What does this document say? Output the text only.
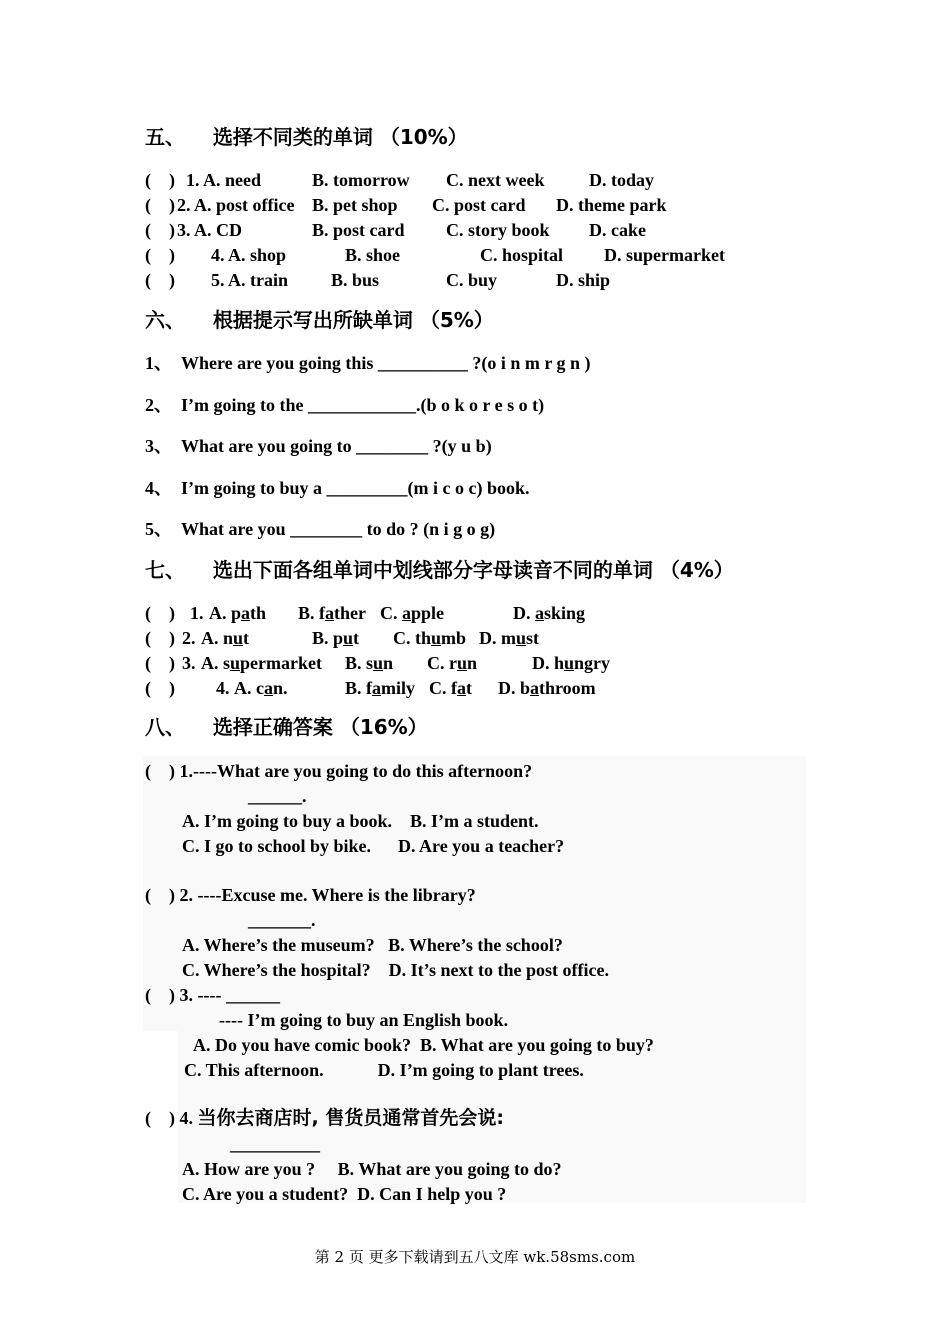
五、    选择不同类的单词 （10%）
(    ) 1. A. need	B. tomorrow C. next week D. today
(    ) 2. A. post office B. pet shop C. post card D. theme park
(    ) 3. A. CD	B. post card C. story book D. cake
(    ) 4. A. shop	B. shoe	C. hospital D. supermarket
(    ) 5. A. train B. bus	C. buy	D. ship
六、    根据提示写出所缺单词 （5%）
1、  Where are you going this __________ ?(o i n m r g n )
2、  I’m going to the ____________.(b o k o r e s o t)
3、  What are you going to ________ ?(y u b)
4、  I’m going to buy a _________(m i c o c) book.
5、  What are you ________ to do ? (n i g o g)
七、    选出下面各组单词中划线部分字母读音不同的单词 （4%）
(    ) 1. A. path B. father C. apple	D. asking
(    ) 2. A. nut	B. put C. thumb D. must
(    ) 3. A. supermarket B. sun C. run	D. hungry
(    ) 4. A. can.	B. family C. fat D. bathroom
八、    选择正确答案 （16%）
(    ) 1.----What are you going to do this afternoon?
______.
A. I’m going to buy a book.    B. I’m a student.
C. I go to school by bike.      D. Are you a teacher?
(    ) 2. ----Excuse me. Where is the library?
_______.
A. Where’s the museum?   B. Where’s the school?
C. Where’s the hospital?    D. It’s next to the post office.
(    ) 3. ---- ______
---- I’m going to buy an English book.
A. Do you have comic book?  B. What are you going to buy?
C. This afternoon.            D. I’m going to plant trees.
(    ) 4. 当你去商店时, 售货员通常首先会说:
__________
A. How are you ?     B. What are you going to do?
C. Are you a student?  D. Can I help you ?
第 2 页 更多下载请到五八文库 wk.58sms.com
